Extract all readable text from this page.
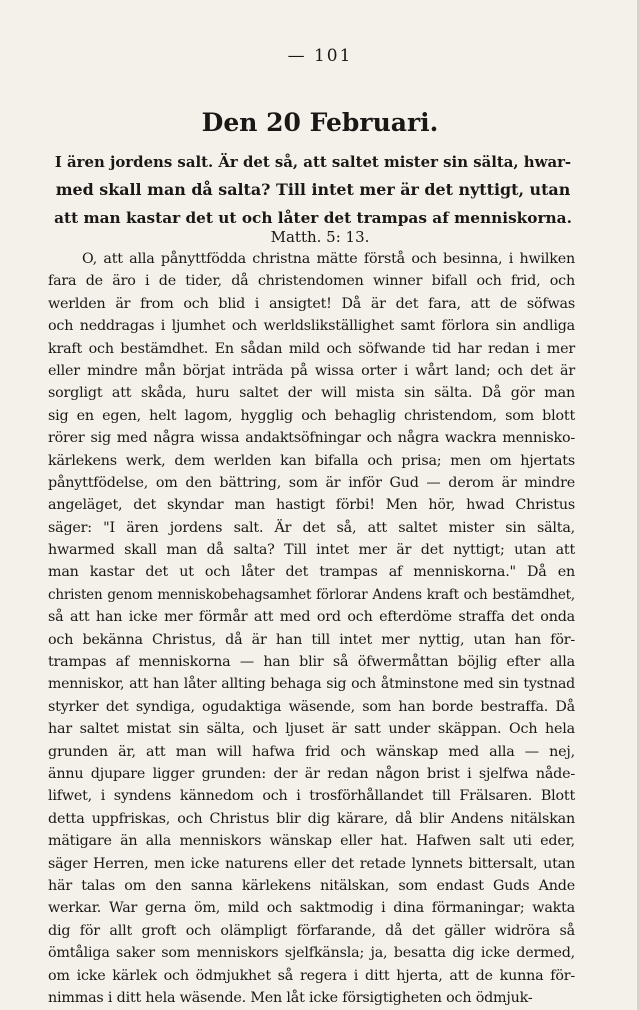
— 101
Den 20 Februari.
I ären jordens salt. Är det så, att saltet mister sin sälta, hwar-
med skall man då salta? Till intet mer är det nyttigt, utan
att man kastar det ut och låter det trampas af menniskorna.
Matth. 5: 13.
O, att alla pånyttfödda christna mätte förstå och besinna, i hwilken
fara de äro i de tider, då christendomen winner bifall och frid, och
werlden är from och blid i ansigtet! Då är det fara, att de söfwas
och neddragas i ljumhet och werldslikställighet samt förlora sin andliga
kraft och bestämdhet. En sådan mild och söfwande tid har redan i mer
eller mindre mån börjat inträda på wissa orter i wårt land; och det är
sorgligt att skåda, huru saltet der will mista sin sälta. Då gör man
sig en egen, helt lagom, hygglig och behaglig christendom, som blott
rörer sig med några wissa andaktsöfningar och några wackra menniskо-
kärlekens werk, dem werlden kan bifalla och prisa; men om hjertats
pånyttfödelse, om den bättring, som är inför Gud — derom är mindre
angeläget, det skyndar man hastigt förbi! Men hör, hwad Christus
säger: "I ären jordens salt. Är det så, att saltet mister sin sälta,
hwarmed skall man då salta? Till intet mer är det nyttigt; utan att
man kastar det ut och låter det trampas af menniskorna." Då en
christen genom menniskobehagsamhet förlorar Andens kraft och bestämdhet,
så att han icke mer förmår att med ord och efterdöme straffa det onda
och bekänna Christus, då är han till intet mer nyttig, utan han för-
trampas af menniskorna — han blir så öfwermåttan böjlig efter alla
menniskor, att han låter allting behaga sig och åtminstone med sin tystnad
styrker det syndiga, ogudaktiga wäsende, som han borde bestraffa. Då
har saltet mistat sin sälta, och ljuset är satt under skäppan. Och hela
grunden är, att man will hafwa frid och wänskap med alla — nej,
ännu djupare ligger grunden: der är redan någon brist i sjelfwa nåde-
lifwet, i syndens kännedom och i trosförhållandet till Frälsaren. Blott
detta uppfriskas, och Christus blir dig kärare, då blir Andens nitälskan
mätigare än alla menniskors wänskap eller hat. Hafwen salt uti eder,
säger Herren, men icke naturens eller det retade lynnets bittersalt, utan
här talas om den sanna kärlekens nitälskan, som endast Guds Ande
werkar. War gerna öm, mild och saktmodig i dina förmaningar; wakta
dig för allt groft och olämpligt förfarande, då det gäller widröra så
ömtåliga saker som menniskors sjelfkänsla; ja, besatta dig icke dermed,
om icke kärlek och ödmjukhet så regera i ditt hjerta, att de kunna för-
nimmas i ditt hela wäsende. Men låt icke försigtigheten och ödmjuk-
